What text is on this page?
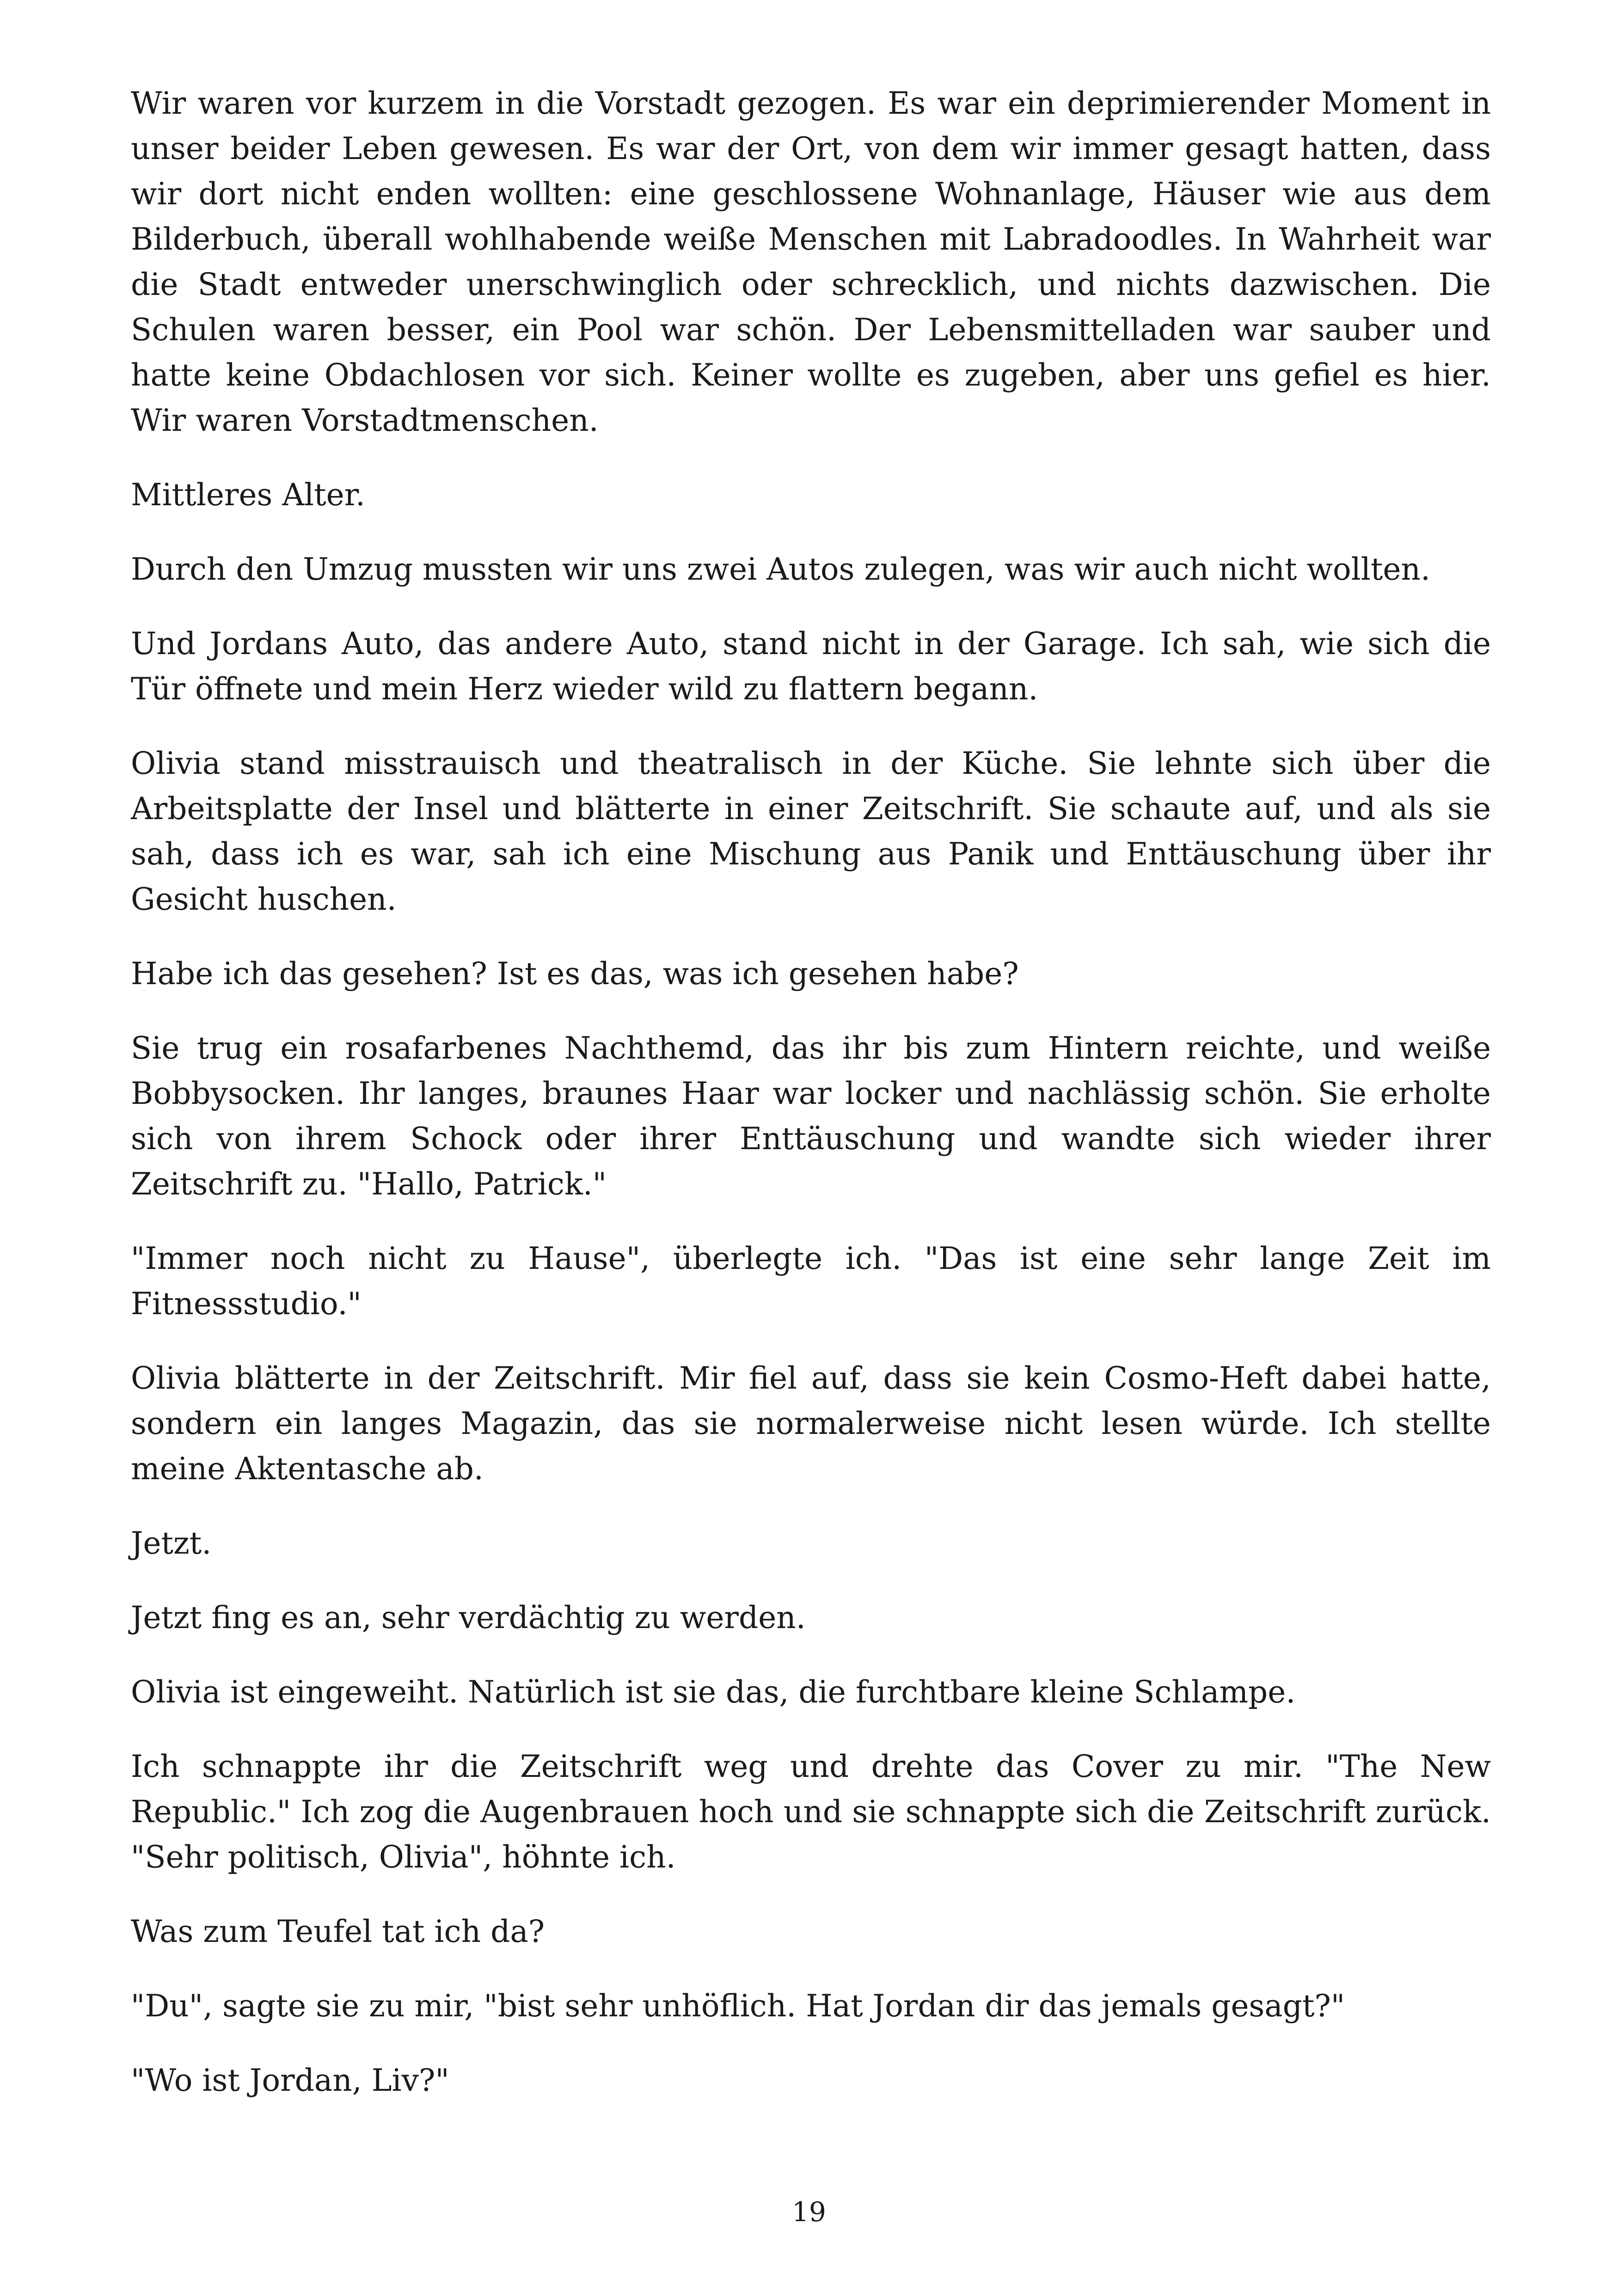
Wir waren vor kurzem in die Vorstadt gezogen. Es war ein deprimierender Moment in unser beider Leben gewesen. Es war der Ort, von dem wir immer gesagt hatten, dass wir dort nicht enden wollten: eine geschlossene Wohnanlage, Häuser wie aus dem Bilderbuch, überall wohlhabende weiße Menschen mit Labradoodles. In Wahrheit war die Stadt entweder unerschwinglich oder schrecklich, und nichts dazwischen. Die Schulen waren besser, ein Pool war schön. Der Lebensmittelladen war sauber und hatte keine Obdachlosen vor sich. Keiner wollte es zugeben, aber uns gefiel es hier. Wir waren Vorstadtmenschen.

Mittleres Alter.

Durch den Umzug mussten wir uns zwei Autos zulegen, was wir auch nicht wollten.

Und Jordans Auto, das andere Auto, stand nicht in der Garage. Ich sah, wie sich die Tür öffnete und mein Herz wieder wild zu flattern begann.

Olivia stand misstrauisch und theatralisch in der Küche. Sie lehnte sich über die Arbeitsplatte der Insel und blätterte in einer Zeitschrift. Sie schaute auf, und als sie sah, dass ich es war, sah ich eine Mischung aus Panik und Enttäuschung über ihr Gesicht huschen.

Habe ich das gesehen? Ist es das, was ich gesehen habe?

Sie trug ein rosafarbenes Nachthemd, das ihr bis zum Hintern reichte, und weiße Bobbysocken. Ihr langes, braunes Haar war locker und nachlässig schön. Sie erholte sich von ihrem Schock oder ihrer Enttäuschung und wandte sich wieder ihrer Zeitschrift zu. "Hallo, Patrick."

"Immer noch nicht zu Hause", überlegte ich. "Das ist eine sehr lange Zeit im Fitnessstudio."

Olivia blätterte in der Zeitschrift. Mir fiel auf, dass sie kein Cosmo-Heft dabei hatte, sondern ein langes Magazin, das sie normalerweise nicht lesen würde. Ich stellte meine Aktentasche ab.

Jetzt.

Jetzt fing es an, sehr verdächtig zu werden.

Olivia ist eingeweiht. Natürlich ist sie das, die furchtbare kleine Schlampe.

Ich schnappte ihr die Zeitschrift weg und drehte das Cover zu mir. "The New Republic." Ich zog die Augenbrauen hoch und sie schnappte sich die Zeitschrift zurück. "Sehr politisch, Olivia", höhnte ich.

Was zum Teufel tat ich da?

"Du", sagte sie zu mir, "bist sehr unhöflich. Hat Jordan dir das jemals gesagt?"

"Wo ist Jordan, Liv?"

19
